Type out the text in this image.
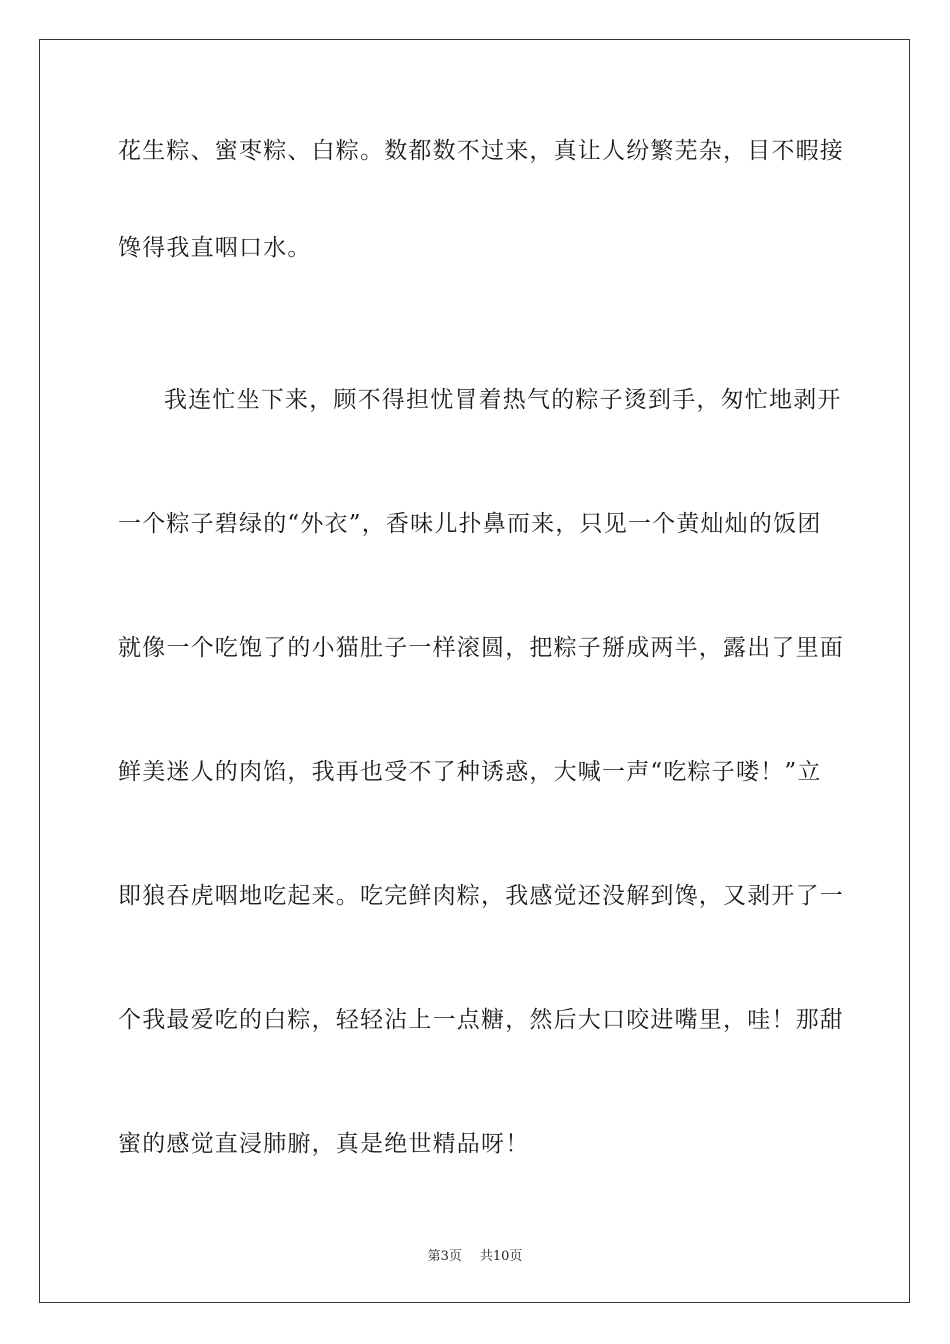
花生粽、蜜枣粽、白粽。数都数不过来，真让人纷繁芜杂，目不暇接
馋得我直咽口水。
我连忙坐下来，顾不得担忧冒着热气的粽子烫到手，匆忙地剥开
一个粽子碧绿的“外衣”，香味儿扑鼻而来，只见一个黄灿灿的饭团
就像一个吃饱了的小猫肚子一样滚圆，把粽子掰成两半，露出了里面
鲜美迷人的肉馅，我再也受不了种诱惑，大喊一声“吃粽子喽！”立
即狼吞虎咽地吃起来。吃完鲜肉粽，我感觉还没解到馋，又剥开了一
个我最爱吃的白粽，轻轻沾上一点糖，然后大口咬进嘴里，哇！那甜
蜜的感觉直浸肺腑，真是绝世精品呀！
第3页 共10页
